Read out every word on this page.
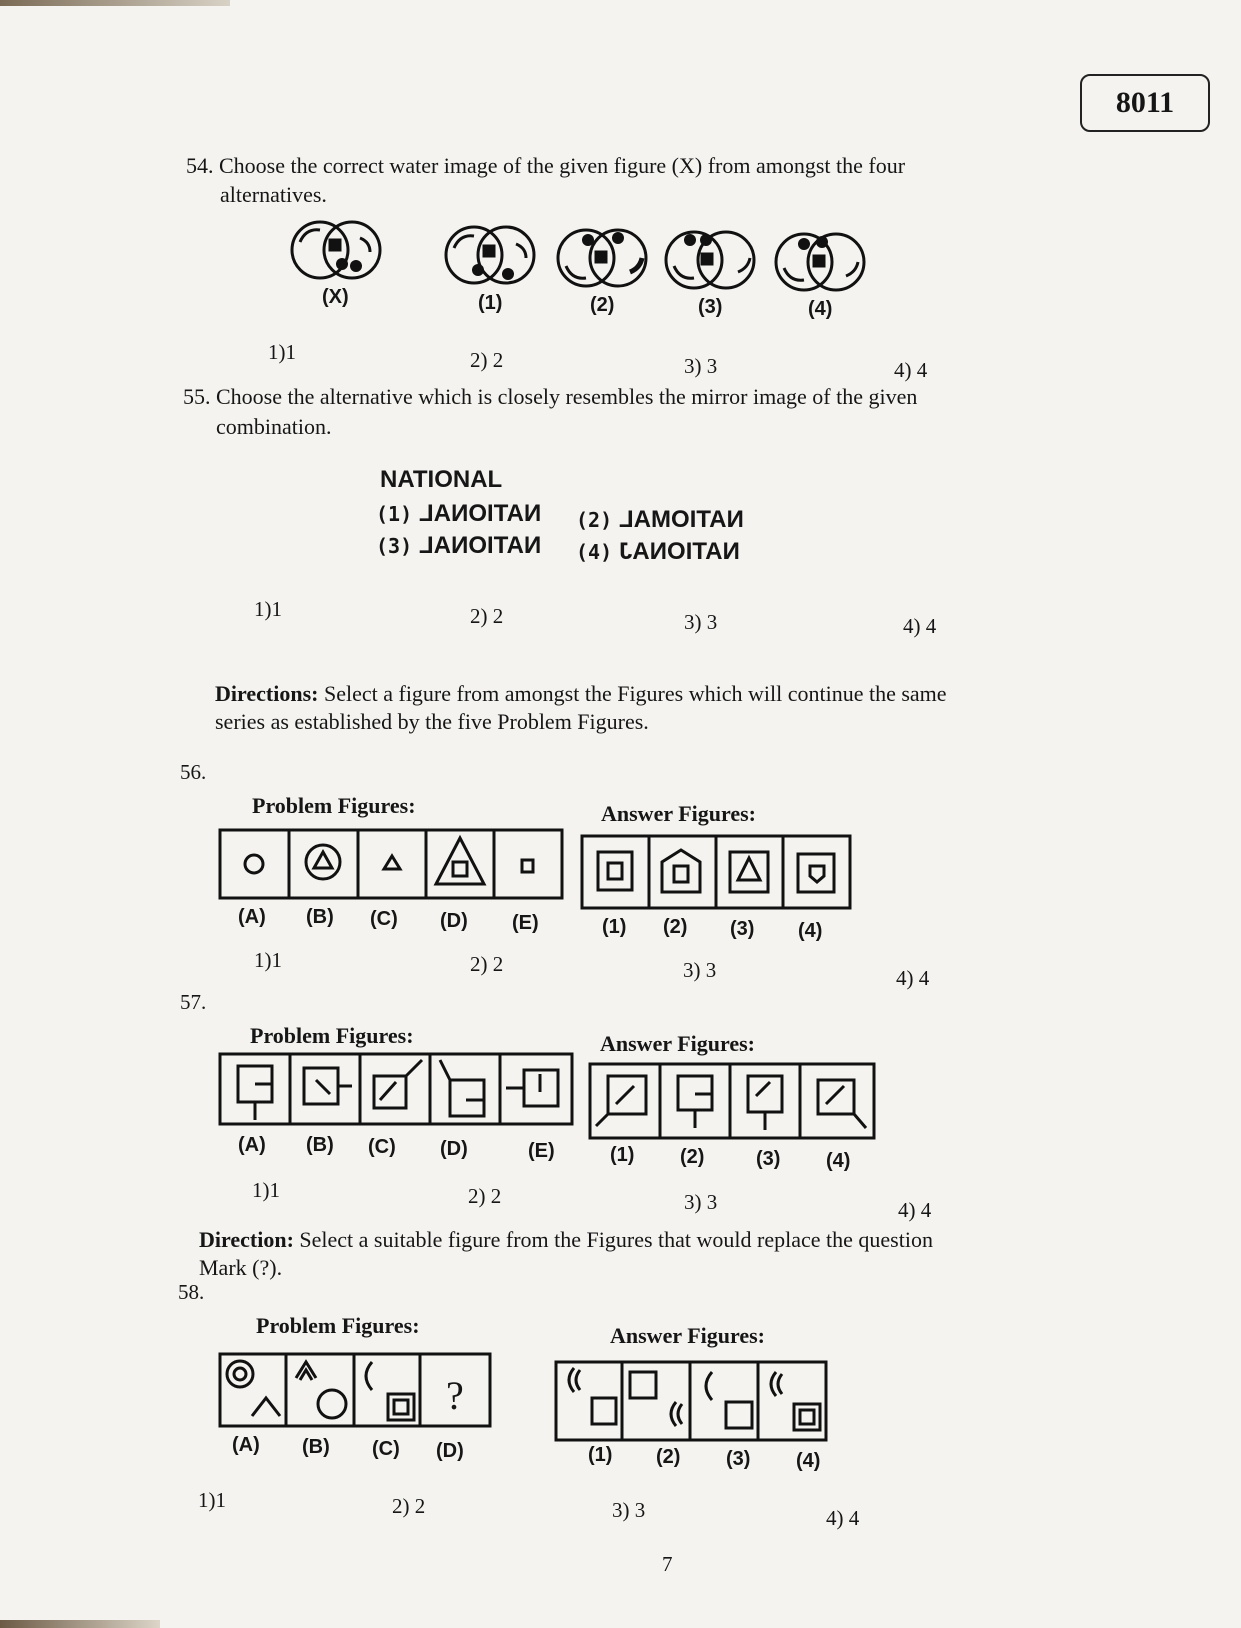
8011
54. Choose the correct water image of the given figure (X) from amongst the four
alternatives.
(X)	(1)	(2)	(3)	(4)
1)1	2) 2	3) 3	4) 4
55. Choose the alternative which is closely resembles the mirror image of the given
combination.
NATIONAL
(1) NATIONAL (2) NATIOMAL
(3) NATIONAL (4) NATIONAJ
1)1	2) 2	3) 3	4) 4
Directions: Select a figure from amongst the Figures which will continue the same
series as established by the five Problem Figures.
56.
Problem Figures:	Answer Figures:
(A) (B) (C) (D) (E)	(1) (2) (3) (4)
1)1	2) 2	3) 3	4) 4
57.
Problem Figures:	Answer Figures:
(A) (B) (C) (D)	(E)	(1) (2)	(3) (4)
1)1	2) 2	3) 3	4) 4
Direction: Select a suitable figure from the Figures that would replace the question
Mark (?).
58.
Problem Figures:	Answer Figures:
?
(A) (B) (C) (D)	(1) (2) (3) (4)
1)1	2) 2	3) 3	4) 4
7
